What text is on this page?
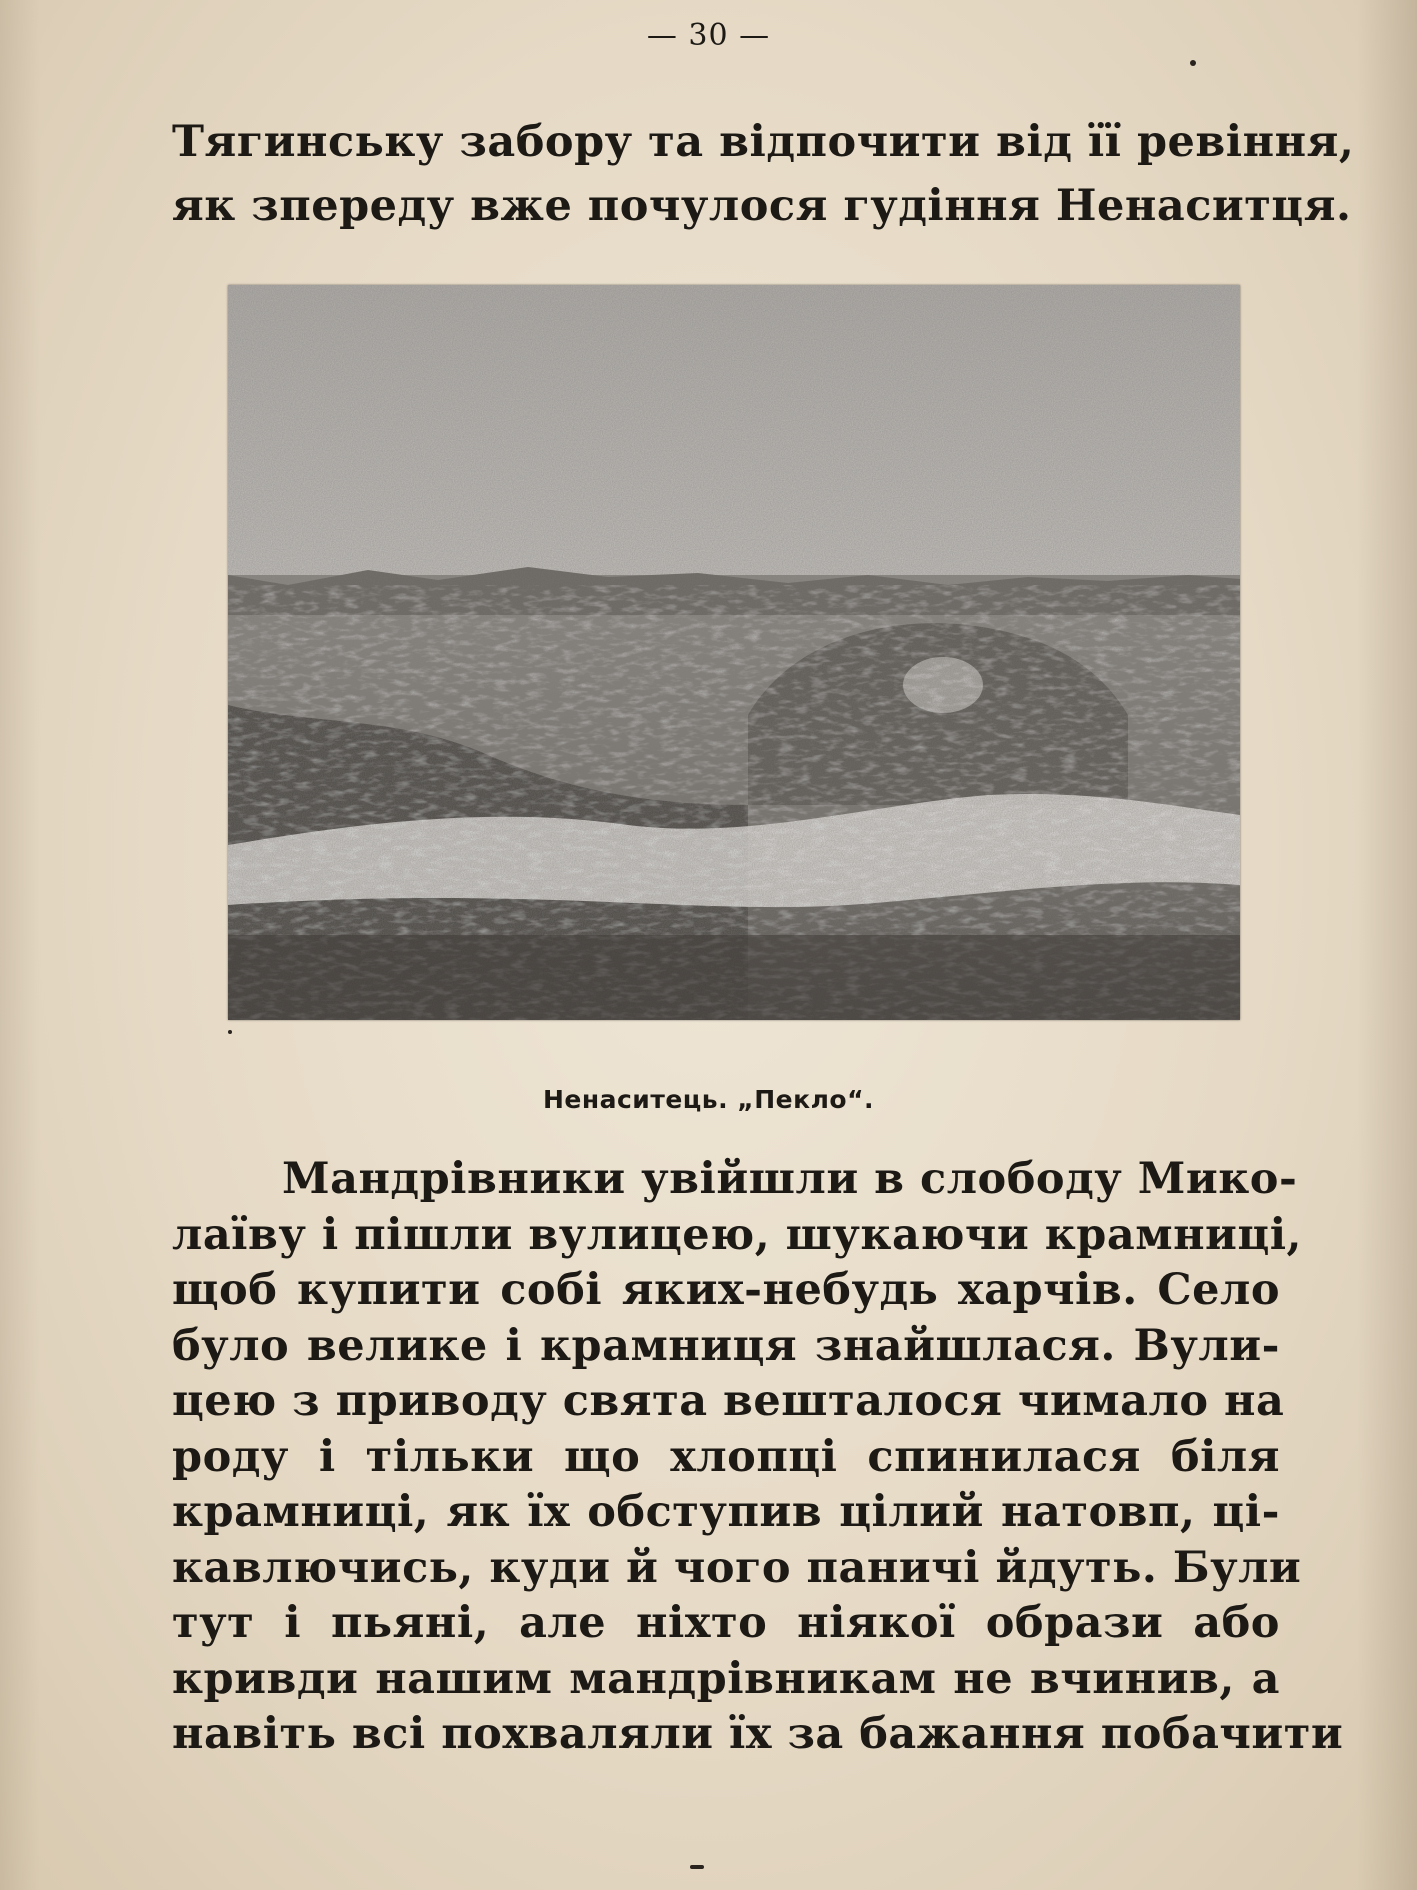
— 30 —
Тягинську забору та відпочити від її ревіння,
як зпереду вже почулося гудіння Ненаситця.
Ненаситець. „Пекло“.
Мандрівники увійшли в слободу Мико-
лаїву і пішли вулицею, шукаючи крамниці,
щоб купити собі яких-небудь харчів. Село
було велике і крамниця знайшлася. Вули-
цею з приводу свята вешталося чимало на
роду і тільки що хлопці спинилася біля
крамниці, як їх обступив цілий натовп, ці-
кавлючись, куди й чого паничі йдуть. Були
тут і пьяні, але ніхто ніякої образи або
кривди нашим мандрівникам не вчинив, а
навіть всі похваляли їх за бажання побачити
